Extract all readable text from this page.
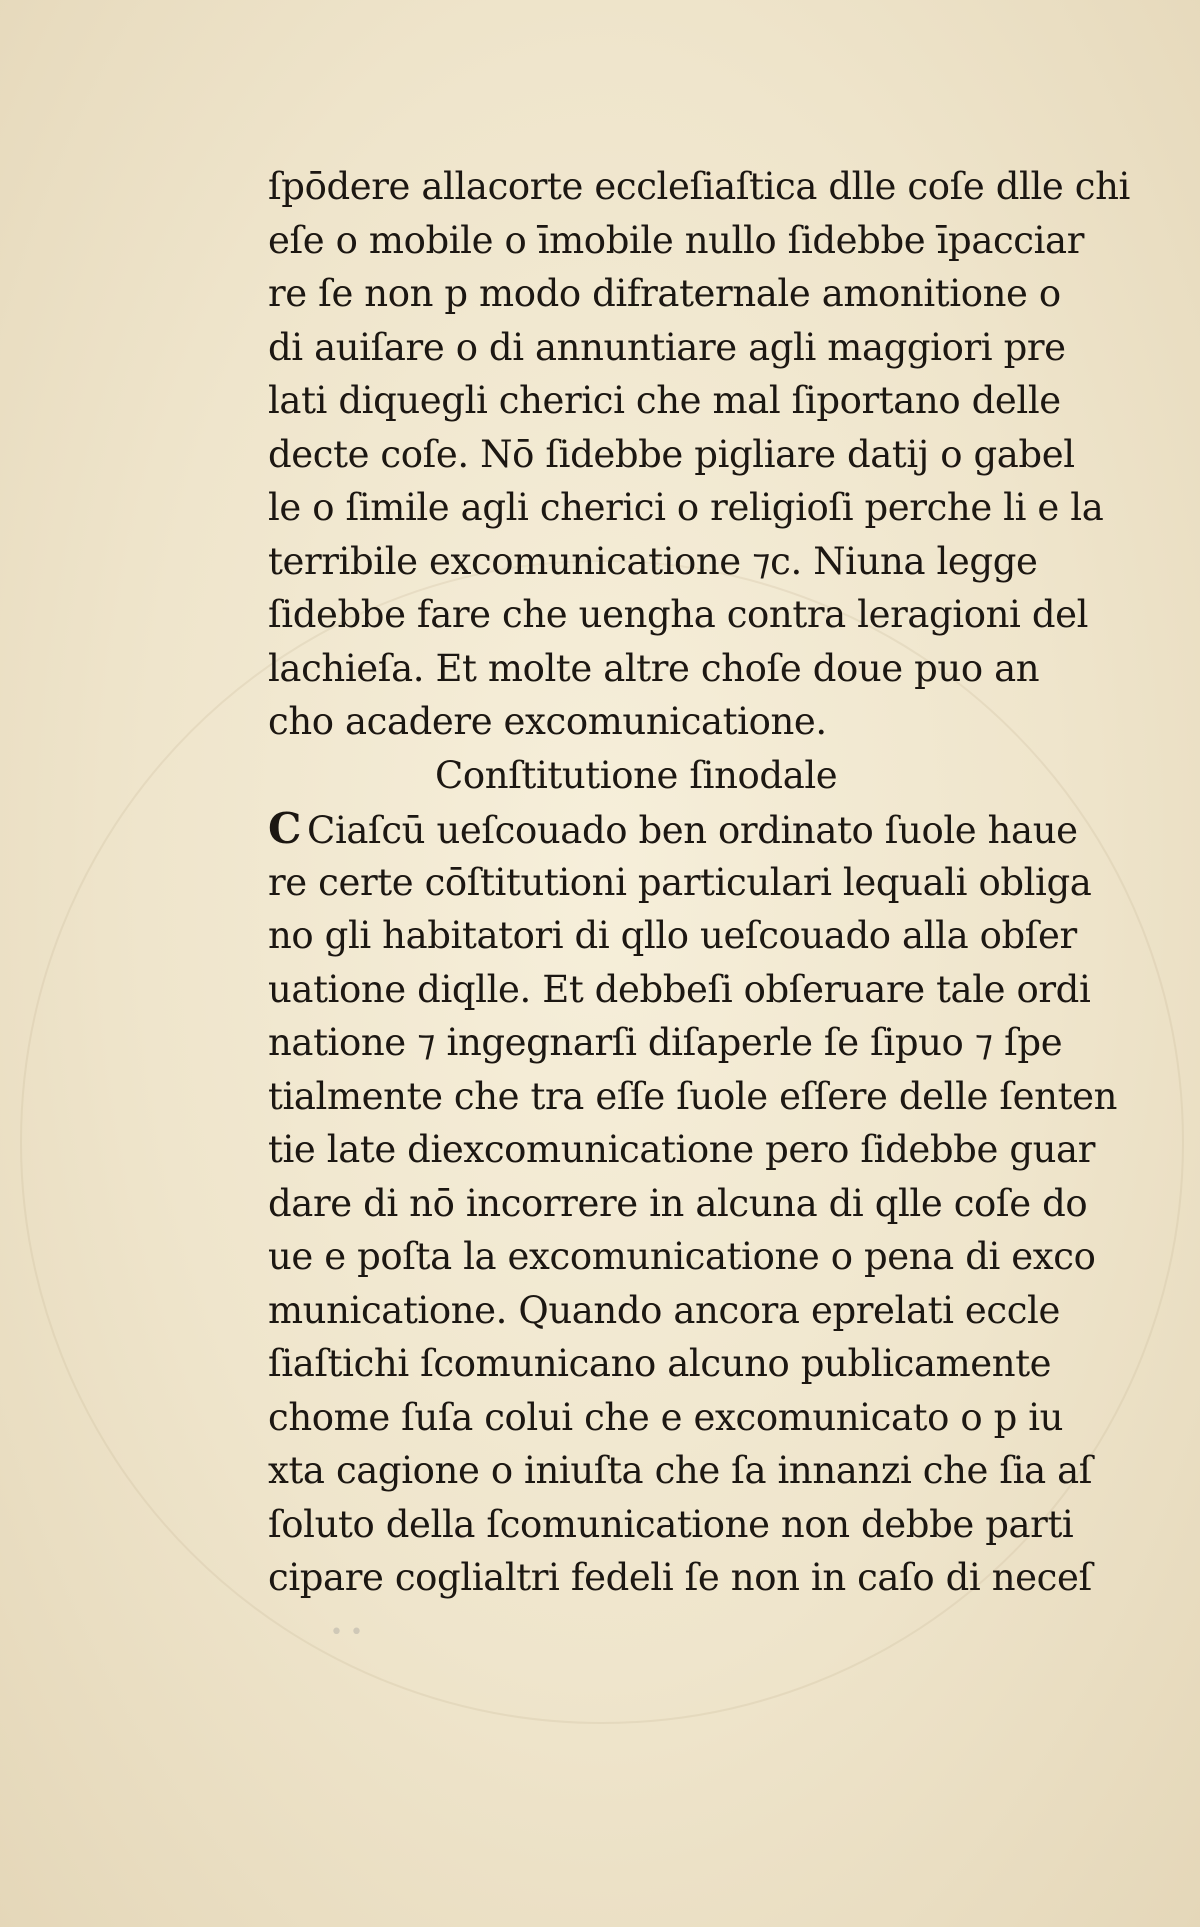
ſpōdere allacorte eccleſiaſtica dlle coſe dlle chi
eſe o mobile o īmobile nullo ſidebbe īpacciar
re ſe non p modo difraternale amonitione o
di auiſare o di annuntiare agli maggiori pre
lati diquegli cherici che mal ſiportano delle
decte coſe. Nō ſidebbe pigliare datij o gabel
le o ſimile agli cherici o religioſi perche li e la
terribile excomunicatione ⁊c. Niuna legge
ſidebbe fare che uengha contra leragioni del
lachieſa. Et molte altre choſe doue puo an
cho acadere excomunicatione.
Conſtitutione ſinodale
C Ciaſcū ueſcouado ben ordinato ſuole haue
re certe cōſtitutioni particulari lequali obliga
no gli habitatori di qllo ueſcouado alla obſer
uatione diqlle. Et debbeſi obſeruare tale ordi
natione ⁊ ingegnarſi diſaperle ſe ſipuo ⁊ ſpe
tialmente che tra eſſe ſuole eſſere delle ſenten
tie late diexcomunicatione pero ſidebbe guar
dare di nō incorrere in alcuna di qlle coſe do
ue e poſta la excomunicatione o pena di exco
municatione. Quando ancora eprelati eccle
ſiaſtichi ſcomunicano alcuno publicamente
chome ſuſa colui che e excomunicato o p iu
xta cagione o iniuſta che ſa innanzi che ſia aſ
ſoluto della ſcomunicatione non debbe parti
cipare coglialtri fedeli ſe non in caſo di neceſ
• •
